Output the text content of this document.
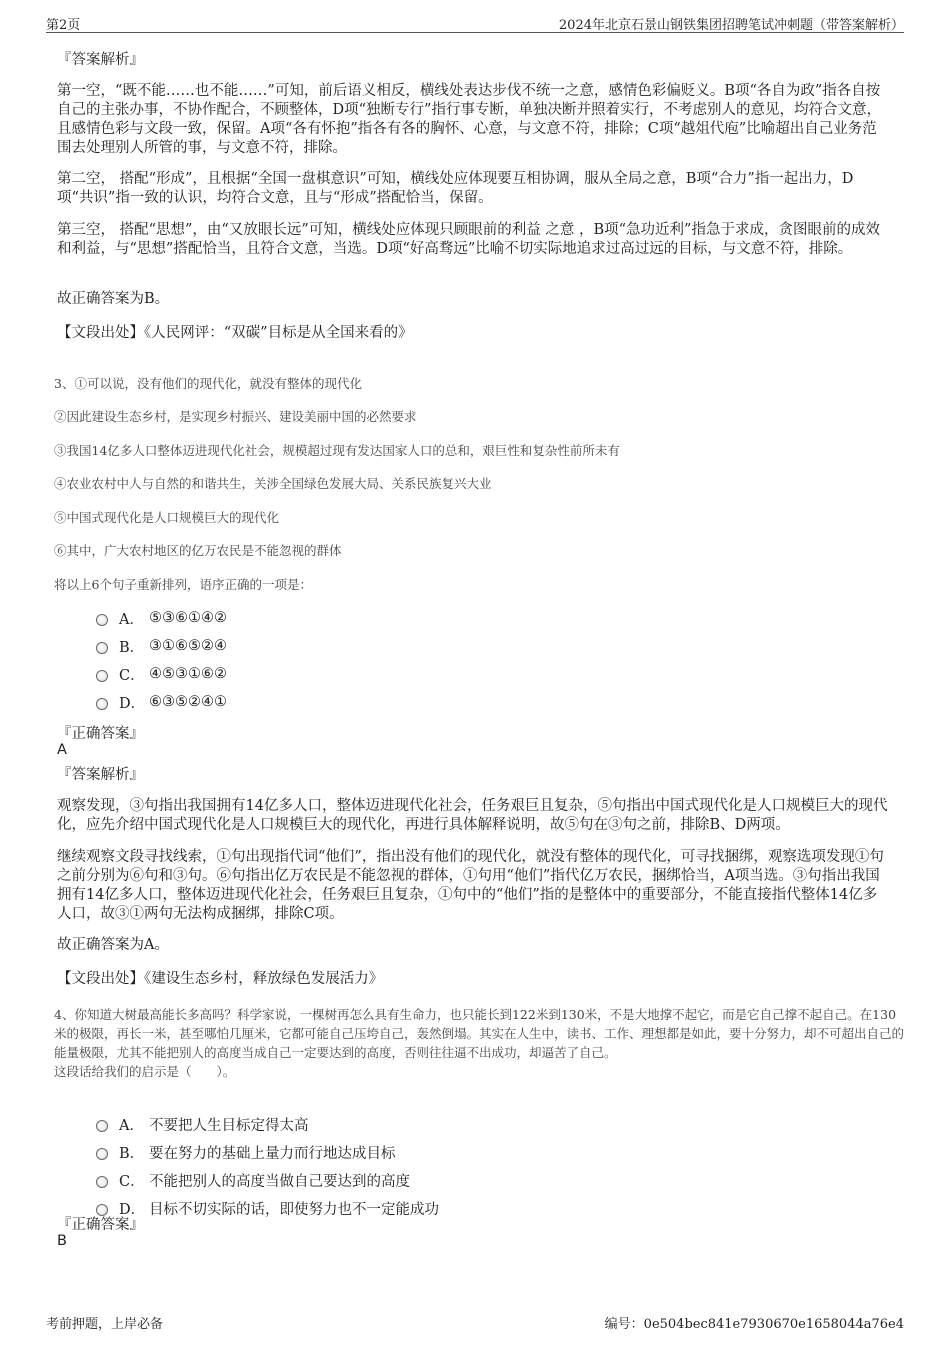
第2页	2024年北京石景山钢铁集团招聘笔试冲刺题（带答案解析）
『答案解析』
第一空，“既不能……也不能……”可知，前后语义相反，横线处表达步伐不统一之意，感情色彩偏贬义。B项“各自为政”指各自按自己的主张办事，不协作配合，不顾整体，D项“独断专行”指行事专断，单独决断并照着实行，不考虑别人的意见，均符合文意，且感情色彩与文段一致，保留。A项“各有怀抱”指各有各的胸怀、心意，与文意不符，排除；C项“越俎代庖”比喻超出自己业务范围去处理别人所管的事，与文意不符，排除。
第二空， 搭配“形成”，且根据“全国一盘棋意识”可知，横线处应体现要互相协调，服从全局之意，B项“合力”指一起出力，D项“共识”指一致的认识，均符合文意，且与“形成”搭配恰当，保留。
第三空， 搭配“思想”，由“又放眼长远”可知，横线处应体现只顾眼前的利益 之意 ，B项“急功近利”指急于求成，贪图眼前的成效和利益，与“思想”搭配恰当，且符合文意，当选。D项“好高骛远”比喻不切实际地追求过高过远的目标，与文意不符，排除。
故正确答案为B。
【文段出处】《人民网评：“双碳”目标是从全国来看的》
3、①可以说，没有他们的现代化，就没有整体的现代化
②因此建设生态乡村，是实现乡村振兴、建设美丽中国的必然要求
③我国14亿多人口整体迈进现代化社会，规模超过现有发达国家人口的总和，艰巨性和复杂性前所未有
④农业农村中人与自然的和谐共生，关涉全国绿色发展大局、关系民族复兴大业
⑤中国式现代化是人口规模巨大的现代化
⑥其中，广大农村地区的亿万农民是不能忽视的群体
将以上6个句子重新排列，语序正确的一项是：
A． ⑤③⑥①④②
B． ③①⑥⑤②④
C． ④⑤③①⑥②
D． ⑥③⑤②④①
『正确答案』
A
『答案解析』
观察发现，③句指出我国拥有14亿多人口，整体迈进现代化社会，任务艰巨且复杂，⑤句指出中国式现代化是人口规模巨大的现代化，应先介绍中国式现代化是人口规模巨大的现代化，再进行具体解释说明，故⑤句在③句之前，排除B、D两项。
继续观察文段寻找线索，①句出现指代词“他们”，指出没有他们的现代化，就没有整体的现代化，可寻找捆绑，观察选项发现①句之前分别为⑥句和③句。⑥句指出亿万农民是不能忽视的群体，①句用“他们”指代亿万农民，捆绑恰当，A项当选。③句指出我国拥有14亿多人口，整体迈进现代化社会，任务艰巨且复杂，①句中的“他们”指的是整体中的重要部分，不能直接指代整体14亿多人口，故③①两句无法构成捆绑，排除C项。
故正确答案为A。
【文段出处】《建设生态乡村，释放绿色发展活力》
4、你知道大树最高能长多高吗？科学家说，一棵树再怎么具有生命力，也只能长到122米到130米，不是大地撑不起它，而是它自己撑不起自己。在130米的极限，再长一米，甚至哪怕几厘米，它都可能自己压垮自己，轰然倒塌。其实在人生中，读书、工作、理想都是如此，要十分努力，却不可超出自己的能量极限，尤其不能把别人的高度当成自己一定要达到的高度，否则往往逼不出成功，却逼苦了自己。
这段话给我们的启示是（　　）。
A． 不要把人生目标定得太高
B． 要在努力的基础上量力而行地达成目标
C． 不能把别人的高度当做自己要达到的高度
D． 目标不切实际的话，即使努力也不一定能成功
『正确答案』
B
考前押题，上岸必备	编号：0e504bec841e7930670e1658044a76e4
